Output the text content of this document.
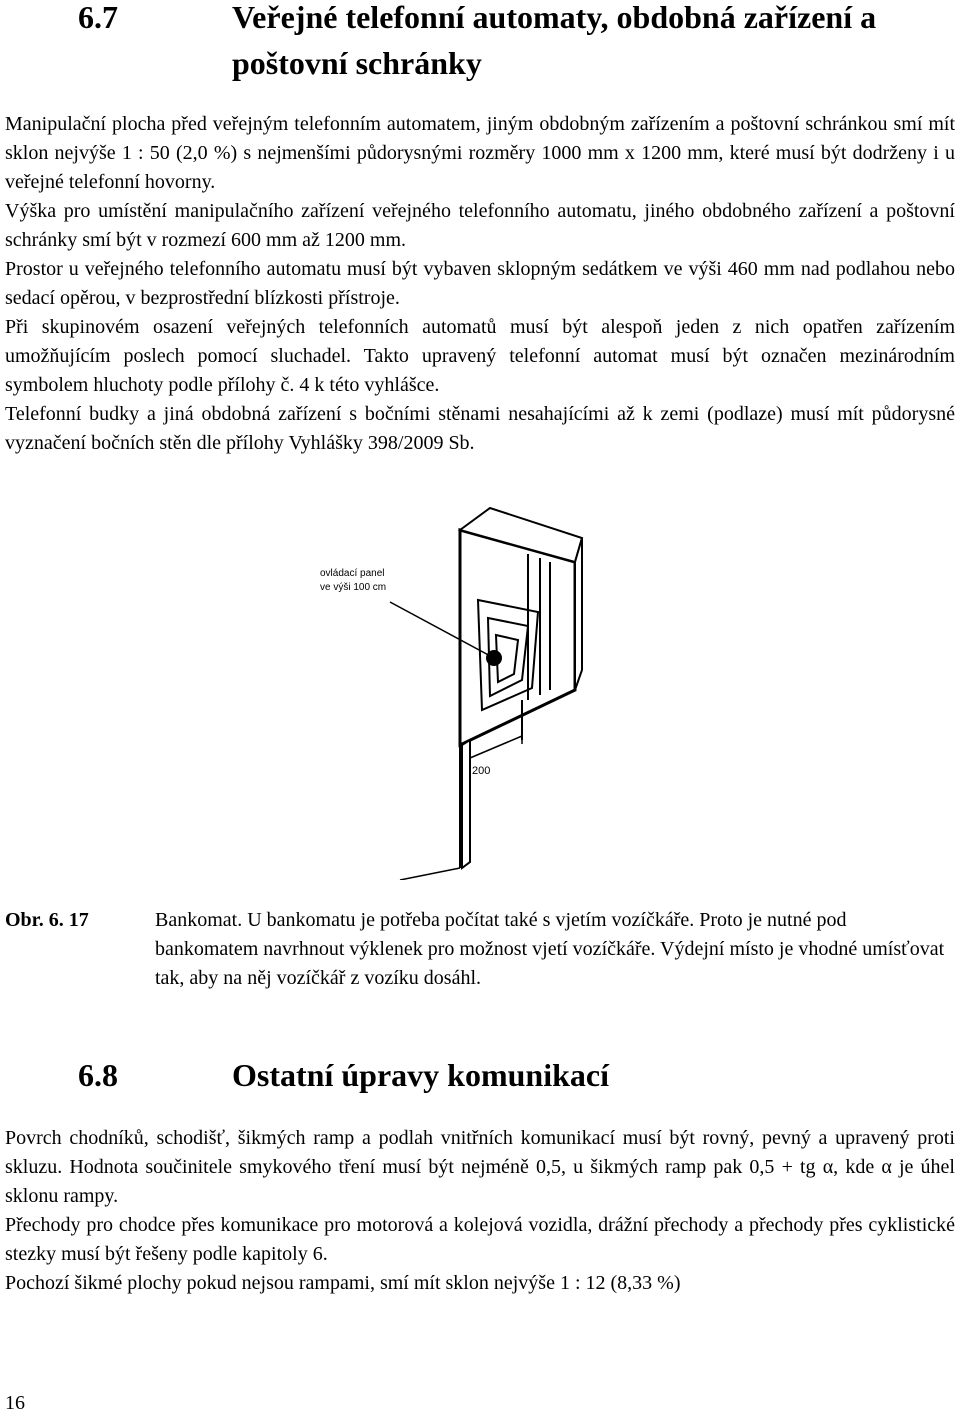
6.7	Veřejné telefonní automaty, obdobná zařízení a poštovní schránky
Manipulační plocha před veřejným telefonním automatem, jiným obdobným zařízením a poštovní schránkou smí mít sklon nejvýše 1 : 50 (2,0 %) s nejmenšími půdorysnými rozměry 1000 mm x 1200 mm, které musí být dodrženy i u veřejné telefonní hovorny.
Výška pro umístění manipulačního zařízení veřejného telefonního automatu, jiného obdobného zařízení a poštovní schránky smí být v rozmezí 600 mm až 1200 mm.
Prostor u veřejného telefonního automatu musí být vybaven sklopným sedátkem ve výši 460 mm nad podlahou nebo sedací opěrou, v bezprostřední blízkosti přístroje.
Při skupinovém osazení veřejných telefonních automatů musí být alespoň jeden z nich opatřen zařízením umožňujícím poslech pomocí sluchadel. Takto upravený telefonní automat musí být označen mezinárodním symbolem hluchoty podle přílohy č. 4 k této vyhlášce.
Telefonní budky a jiná obdobná zařízení s bočními stěnami nesahajícími až k zemi (podlaze) musí mít půdorysné vyznačení bočních stěn dle přílohy Vyhlášky 398/2009 Sb.
ovládací panel
ve výši 100 cm
200
Obr. 6. 17	Bankomat. U bankomatu je potřeba počítat také s vjetím vozíčkáře. Proto je nutné pod bankomatem navrhnout výklenek pro možnost vjetí vozíčkáře. Výdejní místo je vhodné umísťovat tak, aby na něj vozíčkář z vozíku dosáhl.

6.8	Ostatní úpravy komunikací
Povrch chodníků, schodišť, šikmých ramp a podlah vnitřních komunikací musí být rovný, pevný a upravený proti skluzu. Hodnota součinitele smykového tření musí být nejméně 0,5, u šikmých ramp pak 0,5 + tg α, kde α je úhel sklonu rampy.
Přechody pro chodce přes komunikace pro motorová a kolejová vozidla, drážní přechody a přechody přes cyklistické stezky musí být řešeny podle kapitoly 6.
Pochozí šikmé plochy pokud nejsou rampami, smí mít sklon nejvýše 1 : 12 (8,33 %)
16
